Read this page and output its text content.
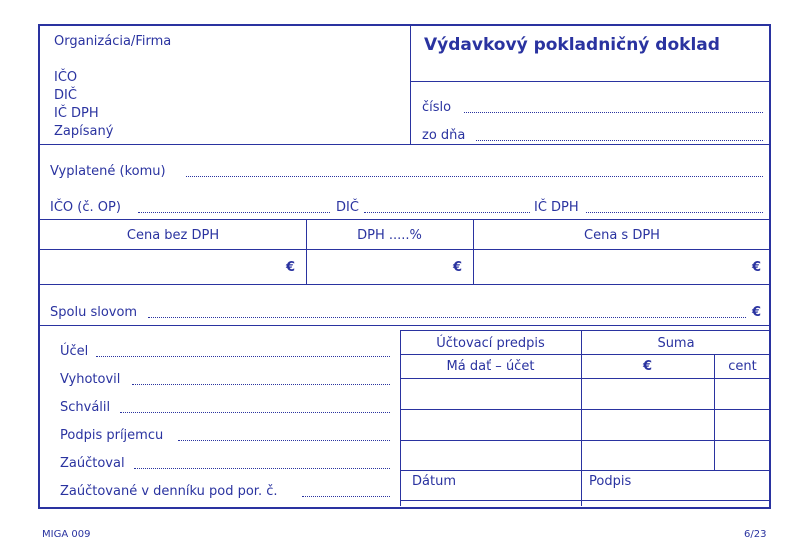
Organizácia/Firma
IČO
DIČ
IČ DPH
Zapísaný
Výdavkový pokladničný doklad
číslo
zo dňa
Vyplatené (komu)
IČO (č. OP)	DIČ	IČ DPH
Cena bez DPH	DPH .....%	Cena s DPH
€	€	€
Spolu slovom	€
Účel
Vyhotovil
Schválil
Podpis príjemcu
Zaúčtoval
Zaúčtované v denníku pod por. č.
Účtovací predpis	Suma
Má dať – účet	€	cent
Dátum	Podpis
MIGA 009	6/23
